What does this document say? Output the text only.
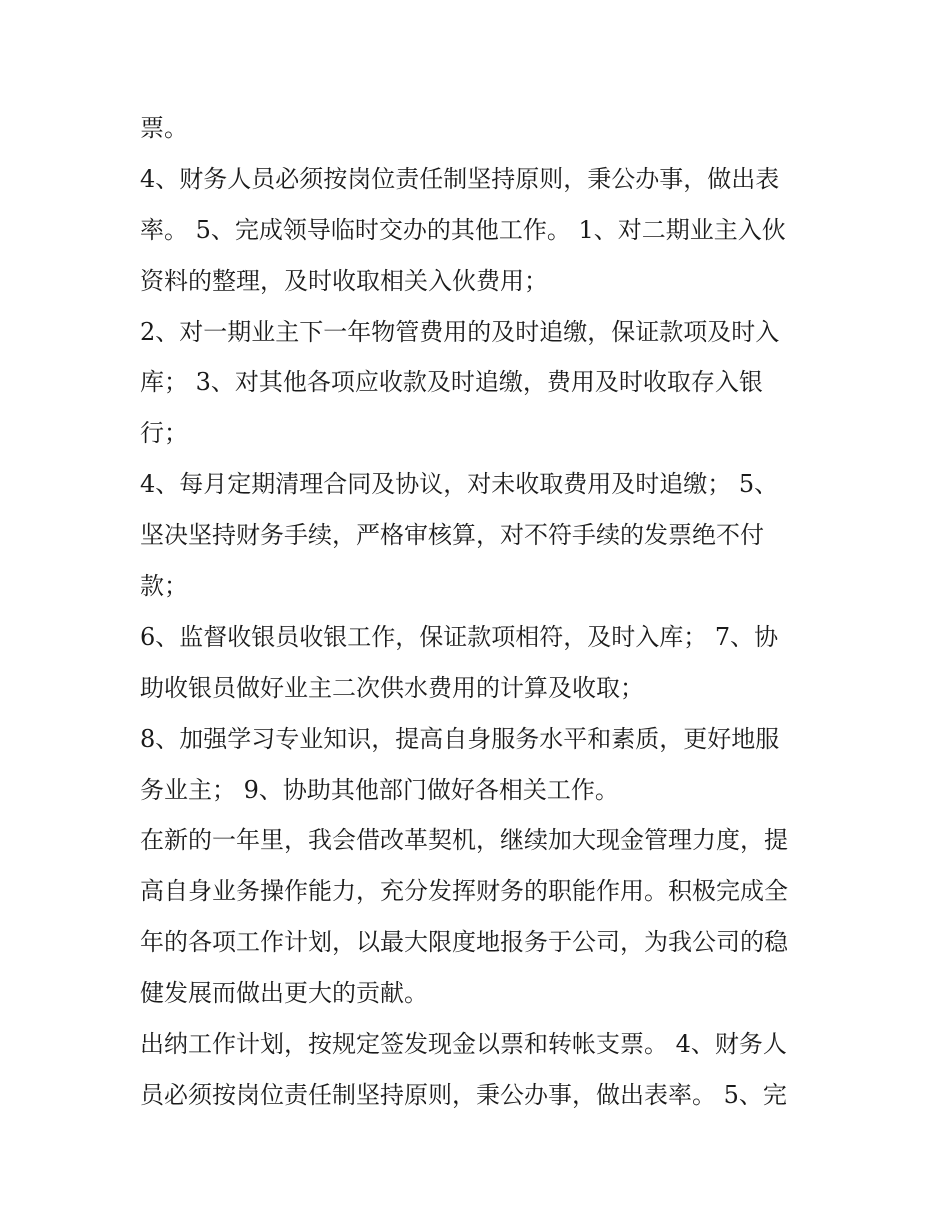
票。
4、财务人员必须按岗位责任制坚持原则，秉公办事，做出表
率。 5、完成领导临时交办的其他工作。 1、对二期业主入伙
资料的整理，及时收取相关入伙费用；
2、对一期业主下一年物管费用的及时追缴，保证款项及时入
库； 3、对其他各项应收款及时追缴，费用及时收取存入银
行；
4、每月定期清理合同及协议，对未收取费用及时追缴； 5、
坚决坚持财务手续，严格审核算，对不符手续的发票绝不付
款；
6、监督收银员收银工作，保证款项相符，及时入库； 7、协
助收银员做好业主二次供水费用的计算及收取；
8、加强学习专业知识，提高自身服务水平和素质，更好地服
务业主； 9、协助其他部门做好各相关工作。
在新的一年里，我会借改革契机，继续加大现金管理力度，提
高自身业务操作能力，充分发挥财务的职能作用。积极完成全
年的各项工作计划，以最大限度地报务于公司，为我公司的稳
健发展而做出更大的贡献。
出纳工作计划，按规定签发现金以票和转帐支票。 4、财务人
员必须按岗位责任制坚持原则，秉公办事，做出表率。 5、完
